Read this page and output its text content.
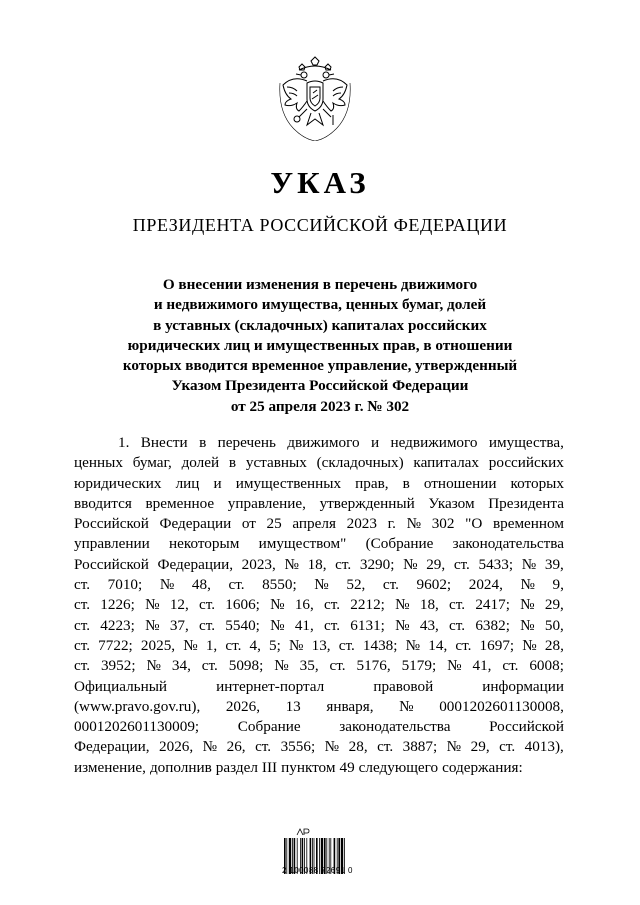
УКАЗ
ПРЕЗИДЕНТА РОССИЙСКОЙ ФЕДЕРАЦИИ
О внесении изменения в перечень движимого
и недвижимого имущества, ценных бумаг, долей
в уставных (складочных) капиталах российских
юридических лиц и имущественных прав, в отношении
которых вводится временное управление, утвержденный
Указом Президента Российской Федерации
от 25 апреля 2023 г. № 302
1. Внести в перечень движимого и недвижимого имущества,
ценных бумаг, долей в уставных (складочных) капиталах российских
юридических лиц и имущественных прав, в отношении которых
вводится временное управление, утвержденный Указом Президента
Российской Федерации от 25 апреля 2023 г. № 302 "О временном
управлении некоторым имуществом" (Собрание законодательства
Российской Федерации, 2023, № 18, ст. 3290; № 29, ст. 5433; № 39,
ст. 7010; № 48, ст. 8550; № 52, ст. 9602; 2024, № 9,
ст. 1226; № 12, ст. 1606; № 16, ст. 2212; № 18, ст. 2417; № 29,
ст. 4223; № 37, ст. 5540; № 41, ст. 6131; № 43, ст. 6382; № 50,
ст. 7722; 2025, № 1, ст. 4, 5; № 13, ст. 1438; № 14, ст. 1697; № 28,
ст. 3952; № 34, ст. 5098; № 35, ст. 5176, 5179; № 41, ст. 6008;
Официальный	интернет-портал	правовой	информации
(www.pravo.gov.ru), 2026, 13 января, № 0001202601130008,
0001202601130009;	Собрание	законодательства	Российской
Федерации, 2026, № 26, ст. 3556; № 28, ст. 3887; № 29, ст. 4013),
изменение, дополнив раздел III пунктом 49 следующего содержания:
2 100088 72691 0
